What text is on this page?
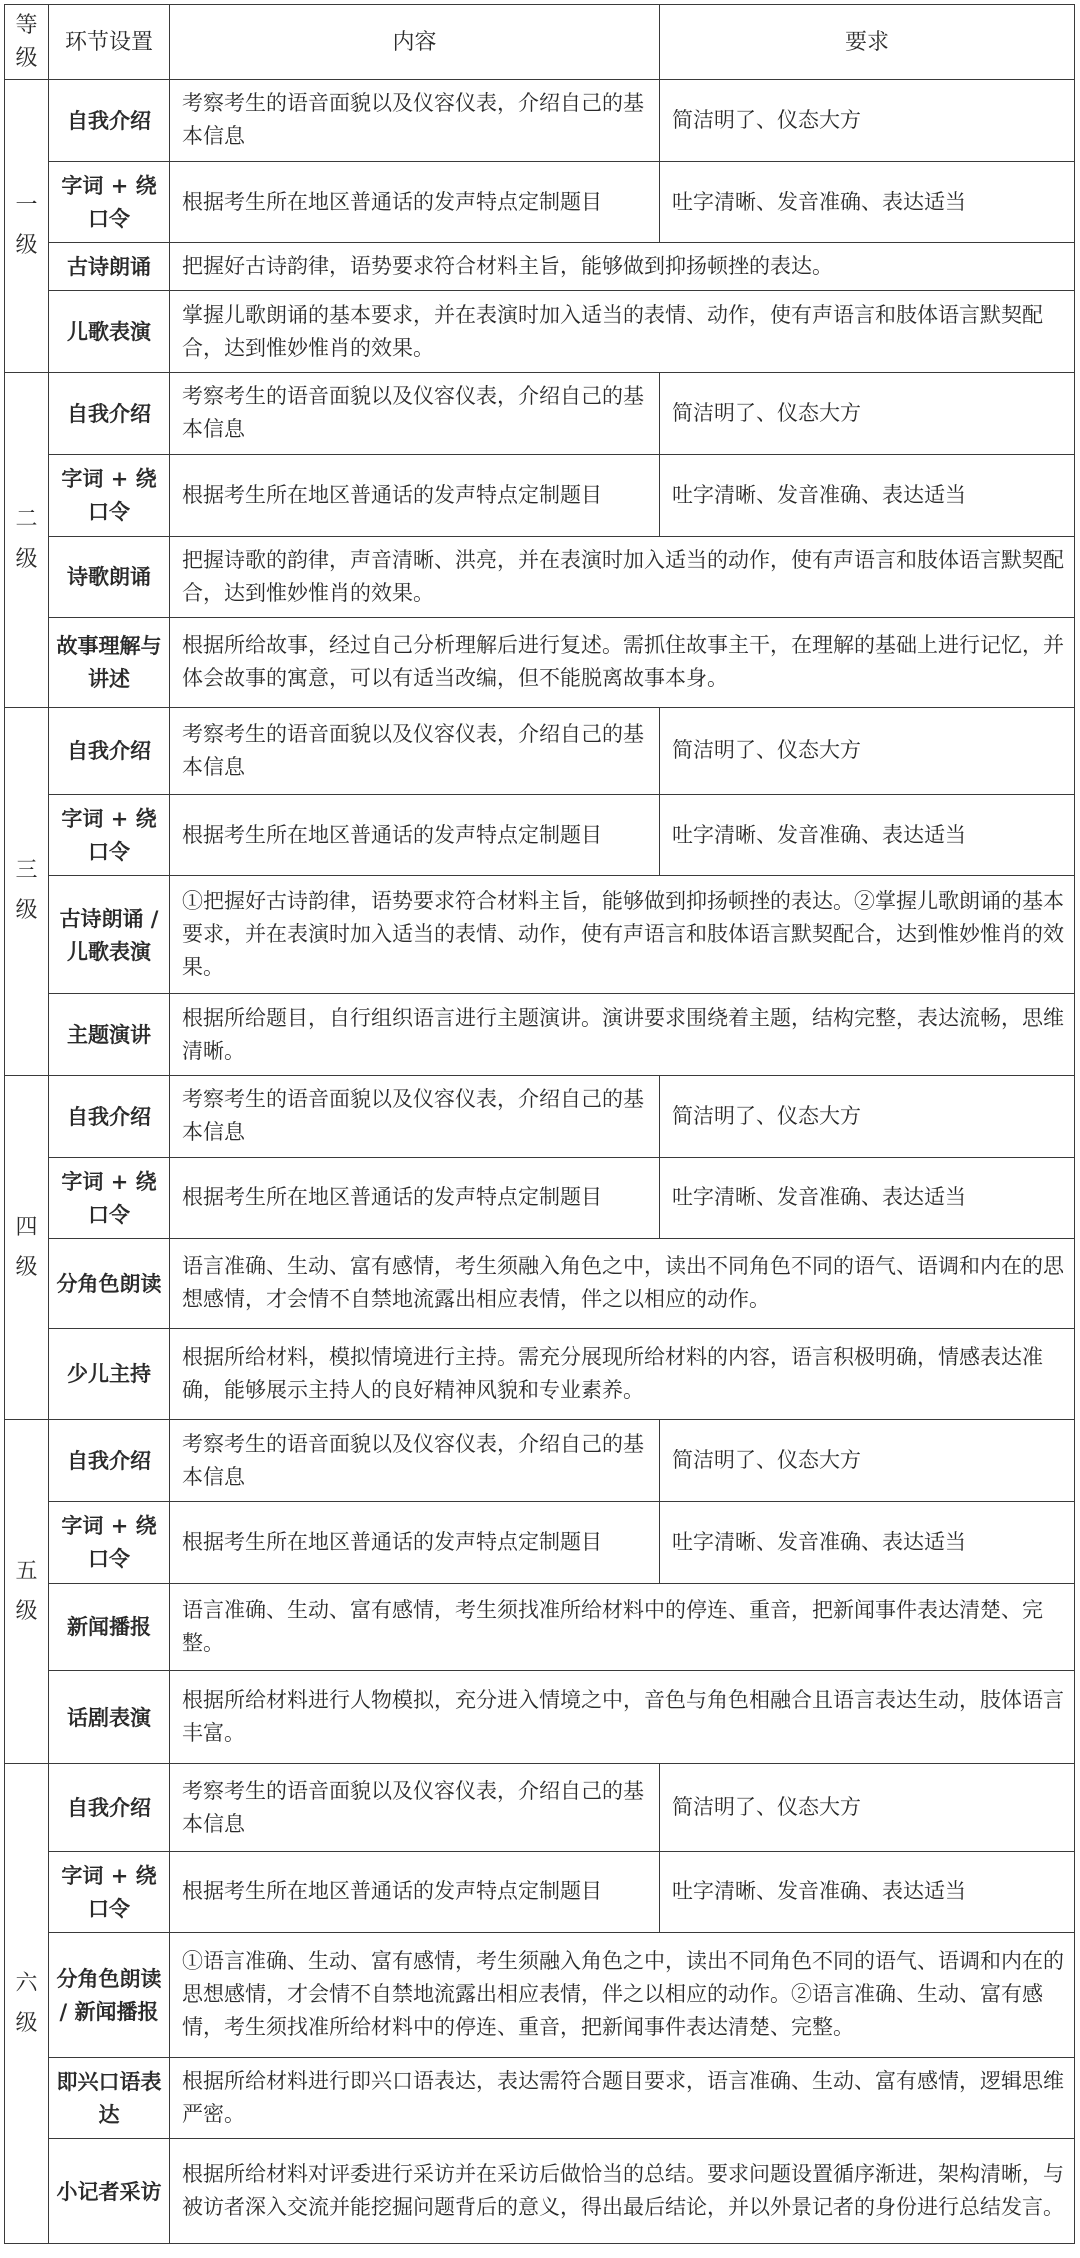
等级	环节设置	内容	要求
一级	自我介绍	考察考生的语音面貌以及仪容仪表，介绍自己的基本信息	简洁明了、仪态大方
	字词 + 绕口令	根据考生所在地区普通话的发声特点定制题目	吐字清晰、发音准确、表达适当
	古诗朗诵	把握好古诗韵律，语势要求符合材料主旨，能够做到抑扬顿挫的表达。	
	儿歌表演	掌握儿歌朗诵的基本要求，并在表演时加入适当的表情、动作，使有声语言和肢体语言默契配合，达到惟妙惟肖的效果。	
二级	自我介绍	考察考生的语音面貌以及仪容仪表，介绍自己的基本信息	简洁明了、仪态大方
	字词 + 绕口令	根据考生所在地区普通话的发声特点定制题目	吐字清晰、发音准确、表达适当
	诗歌朗诵	把握诗歌的韵律，声音清晰、洪亮，并在表演时加入适当的动作，使有声语言和肢体语言默契配合，达到惟妙惟肖的效果。	
	故事理解与讲述	根据所给故事，经过自己分析理解后进行复述。需抓住故事主干，在理解的基础上进行记忆，并体会故事的寓意，可以有适当改编，但不能脱离故事本身。	
三级	自我介绍	考察考生的语音面貌以及仪容仪表，介绍自己的基本信息	简洁明了、仪态大方
	字词 + 绕口令	根据考生所在地区普通话的发声特点定制题目	吐字清晰、发音准确、表达适当
	古诗朗诵 / 儿歌表演	①把握好古诗韵律，语势要求符合材料主旨，能够做到抑扬顿挫的表达。②掌握儿歌朗诵的基本要求，并在表演时加入适当的表情、动作，使有声语言和肢体语言默契配合，达到惟妙惟肖的效果。	
	主题演讲	根据所给题目，自行组织语言进行主题演讲。演讲要求围绕着主题，结构完整，表达流畅，思维清晰。	
四级	自我介绍	考察考生的语音面貌以及仪容仪表，介绍自己的基本信息	简洁明了、仪态大方
	字词 + 绕口令	根据考生所在地区普通话的发声特点定制题目	吐字清晰、发音准确、表达适当
	分角色朗读	语言准确、生动、富有感情，考生须融入角色之中，读出不同角色不同的语气、语调和内在的思想感情，才会情不自禁地流露出相应表情，伴之以相应的动作。	
	少儿主持	根据所给材料，模拟情境进行主持。需充分展现所给材料的内容，语言积极明确，情感表达准确，能够展示主持人的良好精神风貌和专业素养。	
五级	自我介绍	考察考生的语音面貌以及仪容仪表，介绍自己的基本信息	简洁明了、仪态大方
	字词 + 绕口令	根据考生所在地区普通话的发声特点定制题目	吐字清晰、发音准确、表达适当
	新闻播报	语言准确、生动、富有感情，考生须找准所给材料中的停连、重音，把新闻事件表达清楚、完整。	
	话剧表演	根据所给材料进行人物模拟，充分进入情境之中，音色与角色相融合且语言表达生动，肢体语言丰富。	
六级	自我介绍	考察考生的语音面貌以及仪容仪表，介绍自己的基本信息	简洁明了、仪态大方
	字词 + 绕口令	根据考生所在地区普通话的发声特点定制题目	吐字清晰、发音准确、表达适当
	分角色朗读 / 新闻播报	①语言准确、生动、富有感情，考生须融入角色之中，读出不同角色不同的语气、语调和内在的思想感情，才会情不自禁地流露出相应表情，伴之以相应的动作。②语言准确、生动、富有感情，考生须找准所给材料中的停连、重音，把新闻事件表达清楚、完整。	
	即兴口语表达	根据所给材料进行即兴口语表达，表达需符合题目要求，语言准确、生动、富有感情，逻辑思维严密。	
	小记者采访	根据所给材料对评委进行采访并在采访后做恰当的总结。要求问题设置循序渐进，架构清晰，与被访者深入交流并能挖掘问题背后的意义，得出最后结论，并以外景记者的身份进行总结发言。	
